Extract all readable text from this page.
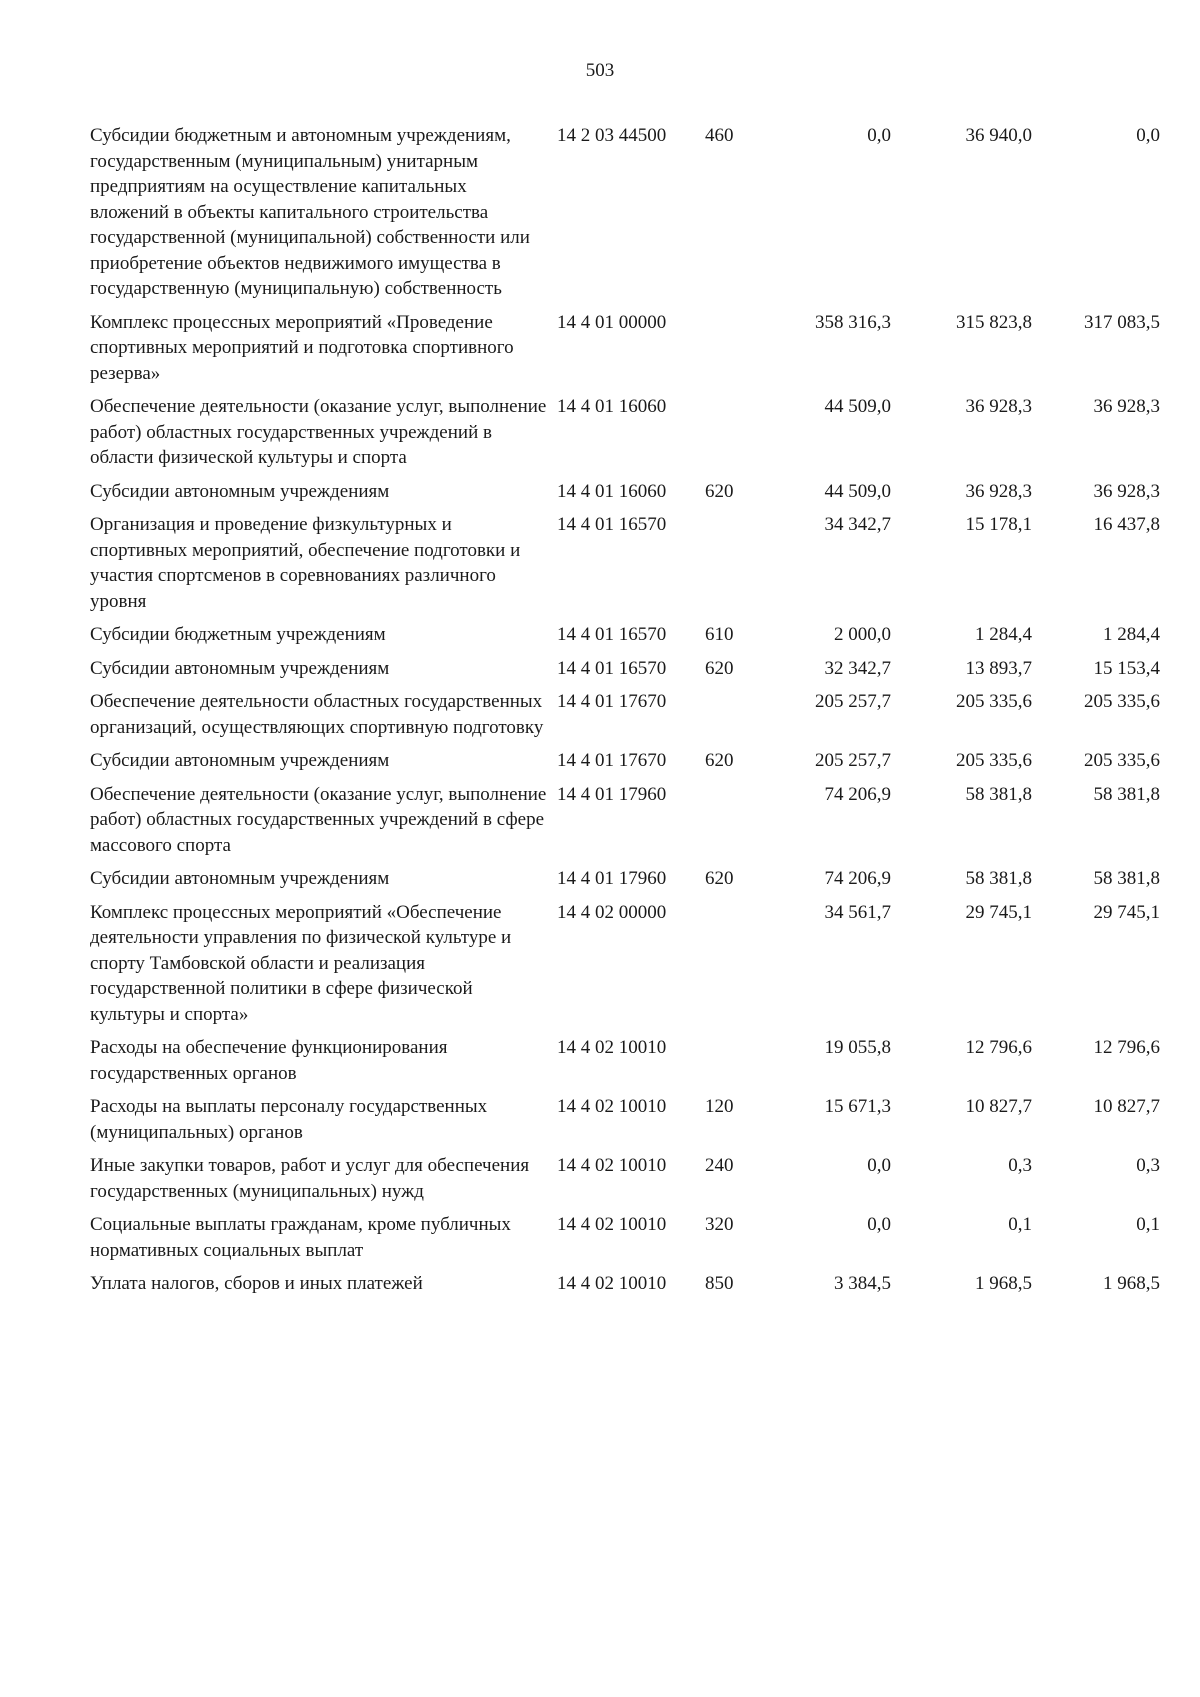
503
Субсидии бюджетным и автономным учреждениям, государственным (муниципальным) унитарным предприятиям на осуществление капитальных вложений в объекты капитального строительства государственной (муниципальной) собственности или приобретение объектов недвижимого имущества в государственную (муниципальную) собственность	14 2 03 44500	460	0,0	36 940,0	0,0
Комплекс процессных мероприятий «Проведение спортивных мероприятий и подготовка спортивного резерва»	14 4 01 00000		358 316,3	315 823,8	317 083,5
Обеспечение деятельности (оказание услуг, выполнение работ) областных государственных учреждений в области физической культуры и спорта	14 4 01 16060		44 509,0	36 928,3	36 928,3
Субсидии автономным учреждениям	14 4 01 16060	620	44 509,0	36 928,3	36 928,3
Организация и проведение физкультурных и спортивных мероприятий, обеспечение подготовки и участия спортсменов в соревнованиях различного уровня	14 4 01 16570		34 342,7	15 178,1	16 437,8
Субсидии бюджетным учреждениям	14 4 01 16570	610	2 000,0	1 284,4	1 284,4
Субсидии автономным учреждениям	14 4 01 16570	620	32 342,7	13 893,7	15 153,4
Обеспечение деятельности областных государственных организаций, осуществляющих спортивную подготовку	14 4 01 17670		205 257,7	205 335,6	205 335,6
Субсидии автономным учреждениям	14 4 01 17670	620	205 257,7	205 335,6	205 335,6
Обеспечение деятельности (оказание услуг, выполнение работ) областных государственных учреждений в сфере массового спорта	14 4 01 17960		74 206,9	58 381,8	58 381,8
Субсидии автономным учреждениям	14 4 01 17960	620	74 206,9	58 381,8	58 381,8
Комплекс процессных мероприятий «Обеспечение деятельности управления по физической культуре и спорту Тамбовской области и реализация государственной политики в сфере физической культуры и спорта»	14 4 02 00000		34 561,7	29 745,1	29 745,1
Расходы на обеспечение функционирования государственных органов	14 4 02 10010		19 055,8	12 796,6	12 796,6
Расходы на выплаты персоналу государственных (муниципальных) органов	14 4 02 10010	120	15 671,3	10 827,7	10 827,7
Иные закупки товаров, работ и услуг для обеспечения государственных (муниципальных) нужд	14 4 02 10010	240	0,0	0,3	0,3
Социальные выплаты гражданам, кроме публичных нормативных социальных выплат	14 4 02 10010	320	0,0	0,1	0,1
Уплата налогов, сборов и иных платежей	14 4 02 10010	850	3 384,5	1 968,5	1 968,5
